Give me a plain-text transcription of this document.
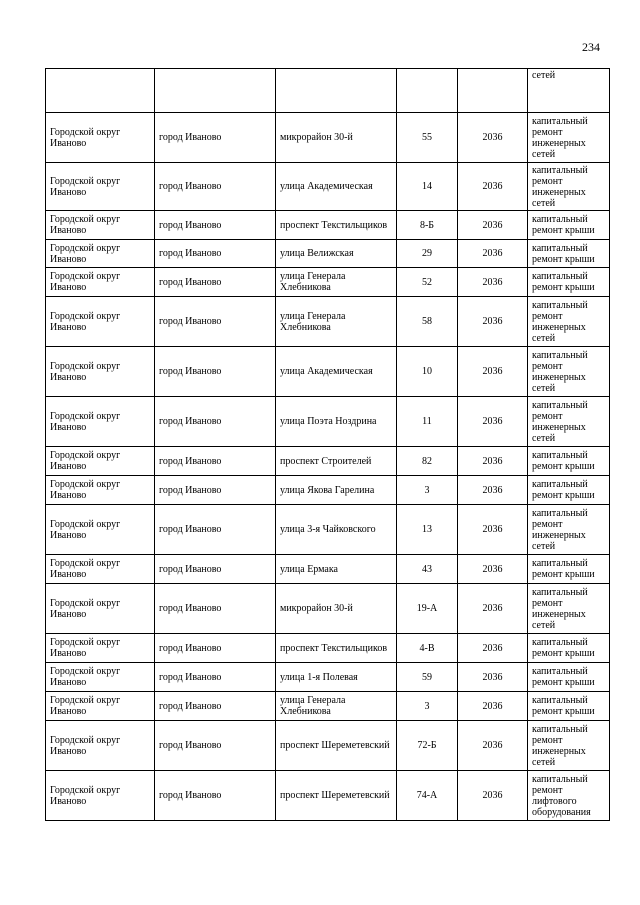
234
					сетей
Городской округ Иваново	город Иваново	микрорайон 30-й	55	2036	капитальный ремонт инженерных сетей
Городской округ Иваново	город Иваново	улица Академическая	14	2036	капитальный ремонт инженерных сетей
Городской округ Иваново	город Иваново	проспект Текстильщиков	8-Б	2036	капитальный ремонт крыши
Городской округ Иваново	город Иваново	улица Велижская	29	2036	капитальный ремонт крыши
Городской округ Иваново	город Иваново	улица Генерала Хлебникова	52	2036	капитальный ремонт крыши
Городской округ Иваново	город Иваново	улица Генерала Хлебникова	58	2036	капитальный ремонт инженерных сетей
Городской округ Иваново	город Иваново	улица Академическая	10	2036	капитальный ремонт инженерных сетей
Городской округ Иваново	город Иваново	улица Поэта Ноздрина	11	2036	капитальный ремонт инженерных сетей
Городской округ Иваново	город Иваново	проспект Строителей	82	2036	капитальный ремонт крыши
Городской округ Иваново	город Иваново	улица Якова Гарелина	3	2036	капитальный ремонт крыши
Городской округ Иваново	город Иваново	улица 3-я Чайковского	13	2036	капитальный ремонт инженерных сетей
Городской округ Иваново	город Иваново	улица Ермака	43	2036	капитальный ремонт крыши
Городской округ Иваново	город Иваново	микрорайон 30-й	19-А	2036	капитальный ремонт инженерных сетей
Городской округ Иваново	город Иваново	проспект Текстильщиков	4-В	2036	капитальный ремонт крыши
Городской округ Иваново	город Иваново	улица 1-я Полевая	59	2036	капитальный ремонт крыши
Городской округ Иваново	город Иваново	улица Генерала Хлебникова	3	2036	капитальный ремонт крыши
Городской округ Иваново	город Иваново	проспект Шереметевский	72-Б	2036	капитальный ремонт инженерных сетей
Городской округ Иваново	город Иваново	проспект Шереметевский	74-А	2036	капитальный ремонт лифтового оборудования
